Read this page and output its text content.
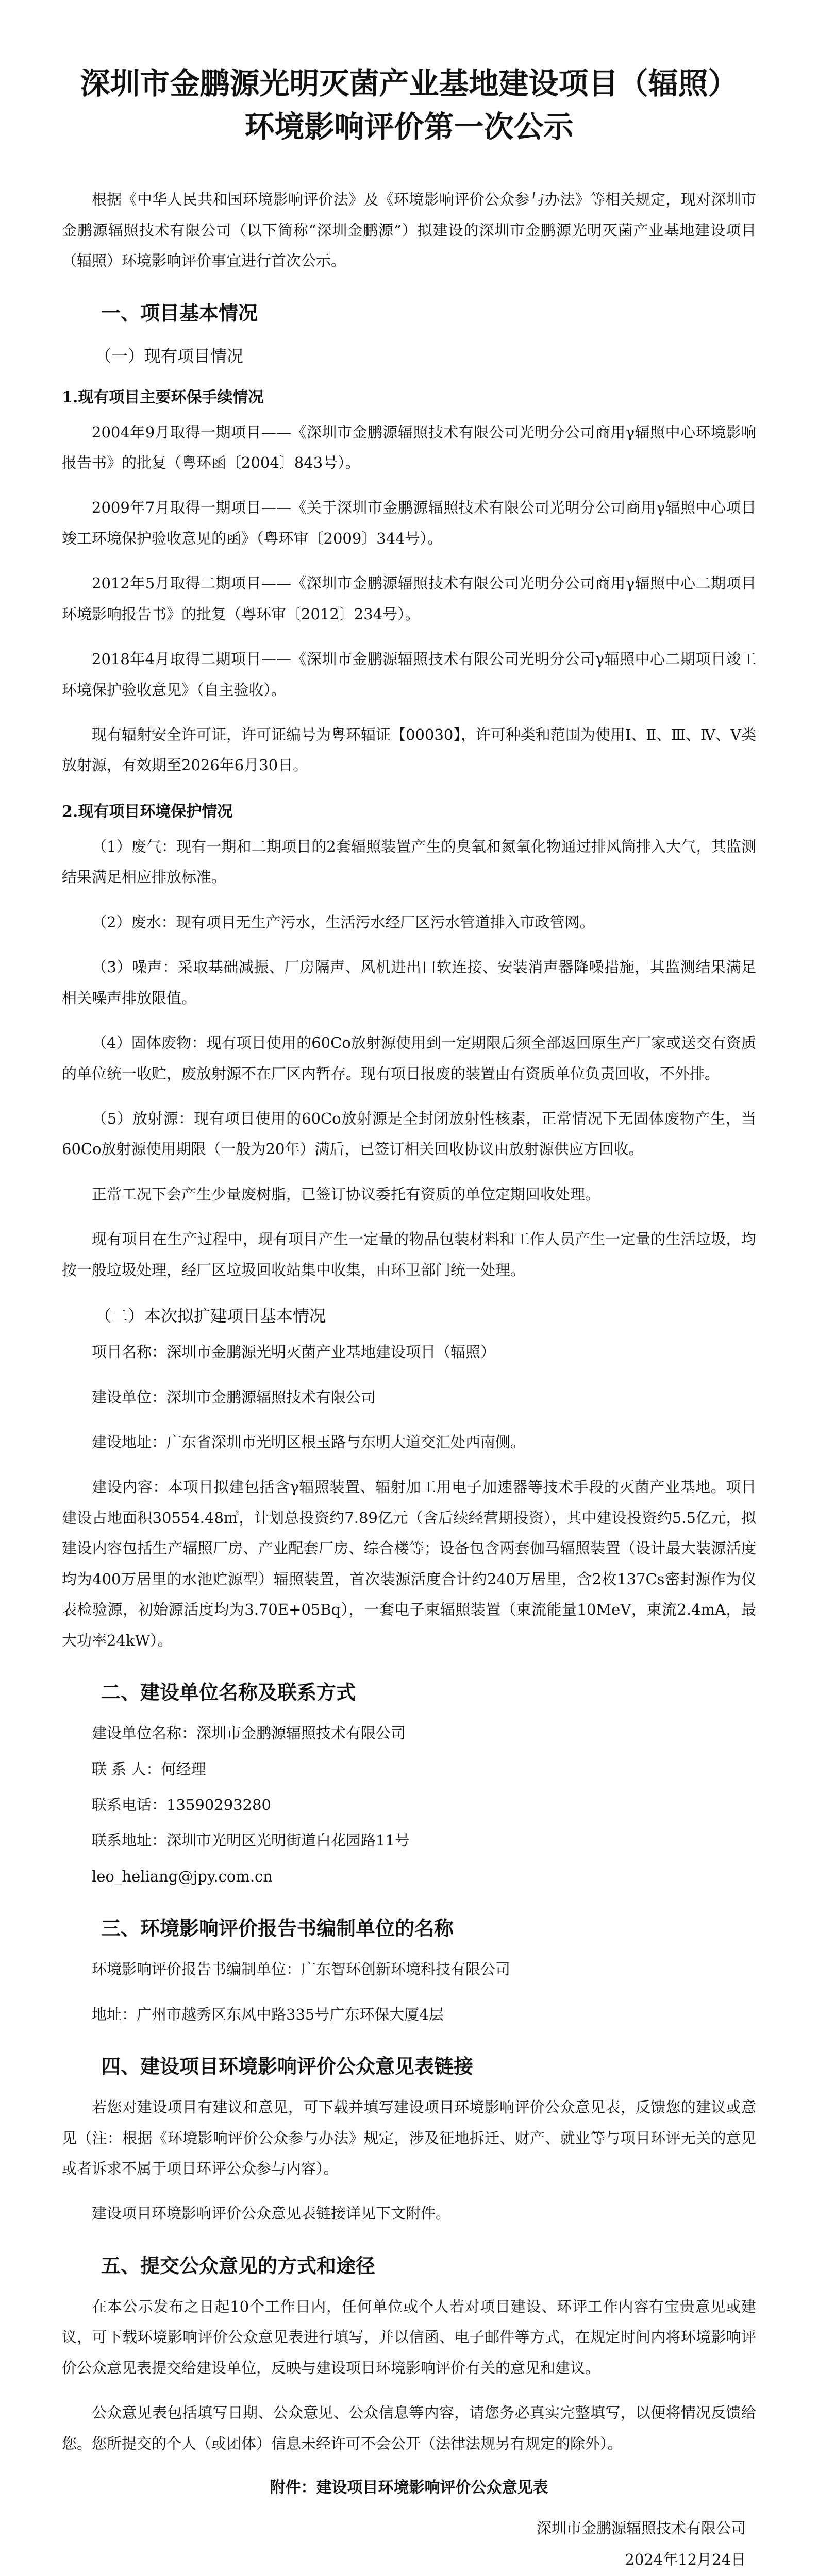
深圳市金鹏源光明灭菌产业基地建设项目（辐照）
环境影响评价第一次公示

根据《中华人民共和国环境影响评价法》及《环境影响评价公众参与办法》等相关规定，现对深圳市金鹏源辐照技术有限公司（以下简称“深圳金鹏源”）拟建设的深圳市金鹏源光明灭菌产业基地建设项目（辐照）环境影响评价事宜进行首次公示。

一、项目基本情况
（一）现有项目情况
1.现有项目主要环保手续情况

2004年9月取得一期项目——《深圳市金鹏源辐照技术有限公司光明分公司商用γ辐照中心环境影响报告书》的批复（粤环函〔2004〕843号）。

2009年7月取得一期项目——《关于深圳市金鹏源辐照技术有限公司光明分公司商用γ辐照中心项目竣工环境保护验收意见的函》（粤环审〔2009〕344号）。

2012年5月取得二期项目——《深圳市金鹏源辐照技术有限公司光明分公司商用γ辐照中心二期项目环境影响报告书》的批复（粤环审〔2012〕234号）。

2018年4月取得二期项目——《深圳市金鹏源辐照技术有限公司光明分公司γ辐照中心二期项目竣工环境保护验收意见》（自主验收）。

现有辐射安全许可证，许可证编号为粤环辐证【00030】，许可种类和范围为使用Ⅰ、Ⅱ、Ⅲ、Ⅳ、Ⅴ类放射源，有效期至2026年6月30日。

2.现有项目环境保护情况

（1）废气：现有一期和二期项目的2套辐照装置产生的臭氧和氮氧化物通过排风筒排入大气，其监测结果满足相应排放标准。

（2）废水：现有项目无生产污水，生活污水经厂区污水管道排入市政管网。

（3）噪声：采取基础减振、厂房隔声、风机进出口软连接、安装消声器降噪措施，其监测结果满足相关噪声排放限值。

（4）固体废物：现有项目使用的60Co放射源使用到一定期限后须全部返回原生产厂家或送交有资质的单位统一收贮，废放射源不在厂区内暂存。现有项目报废的装置由有资质单位负责回收，不外排。

（5）放射源：现有项目使用的60Co放射源是全封闭放射性核素，正常情况下无固体废物产生，当60Co放射源使用期限（一般为20年）满后，已签订相关回收协议由放射源供应方回收。

正常工况下会产生少量废树脂，已签订协议委托有资质的单位定期回收处理。

现有项目在生产过程中，现有项目产生一定量的物品包装材料和工作人员产生一定量的生活垃圾，均按一般垃圾处理，经厂区垃圾回收站集中收集，由环卫部门统一处理。

（二）本次拟扩建项目基本情况

项目名称：深圳市金鹏源光明灭菌产业基地建设项目（辐照）

建设单位：深圳市金鹏源辐照技术有限公司

建设地址：广东省深圳市光明区根玉路与东明大道交汇处西南侧。

建设内容：本项目拟建包括含γ辐照装置、辐射加工用电子加速器等技术手段的灭菌产业基地。项目建设占地面积30554.48㎡，计划总投资约7.89亿元（含后续经营期投资），其中建设投资约5.5亿元，拟建设内容包括生产辐照厂房、产业配套厂房、综合楼等；设备包含两套伽马辐照装置（设计最大装源活度均为400万居里的水池贮源型）辐照装置，首次装源活度合计约240万居里，含2枚137Cs密封源作为仪表检验源，初始源活度均为3.70E+05Bq），一套电子束辐照装置（束流能量10MeV，束流2.4mA，最大功率24kW）。

二、建设单位名称及联系方式
建设单位名称：深圳市金鹏源辐照技术有限公司
联 系 人：何经理
联系电话：13590293280
联系地址：深圳市光明区光明街道白花园路11号
leo_heliang@jpy.com.cn
三、环境影响评价报告书编制单位的名称

环境影响评价报告书编制单位：广东智环创新环境科技有限公司

地址：广州市越秀区东风中路335号广东环保大厦4层

四、建设项目环境影响评价公众意见表链接

若您对建设项目有建议和意见，可下载并填写建设项目环境影响评价公众意见表，反馈您的建议或意见（注：根据《环境影响评价公众参与办法》规定，涉及征地拆迁、财产、就业等与项目环评无关的意见或者诉求不属于项目环评公众参与内容）。

建设项目环境影响评价公众意见表链接详见下文附件。

五、提交公众意见的方式和途径

在本公示发布之日起10个工作日内，任何单位或个人若对项目建设、环评工作内容有宝贵意见或建议，可下载环境影响评价公众意见表进行填写，并以信函、电子邮件等方式，在规定时间内将环境影响评价公众意见表提交给建设单位，反映与建设项目环境影响评价有关的意见和建议。

公众意见表包括填写日期、公众意见、公众信息等内容，请您务必真实完整填写，以便将情况反馈给您。您所提交的个人（或团体）信息未经许可不会公开（法律法规另有规定的除外）。

附件：建设项目环境影响评价公众意见表
深圳市金鹏源辐照技术有限公司
2024年12月24日
